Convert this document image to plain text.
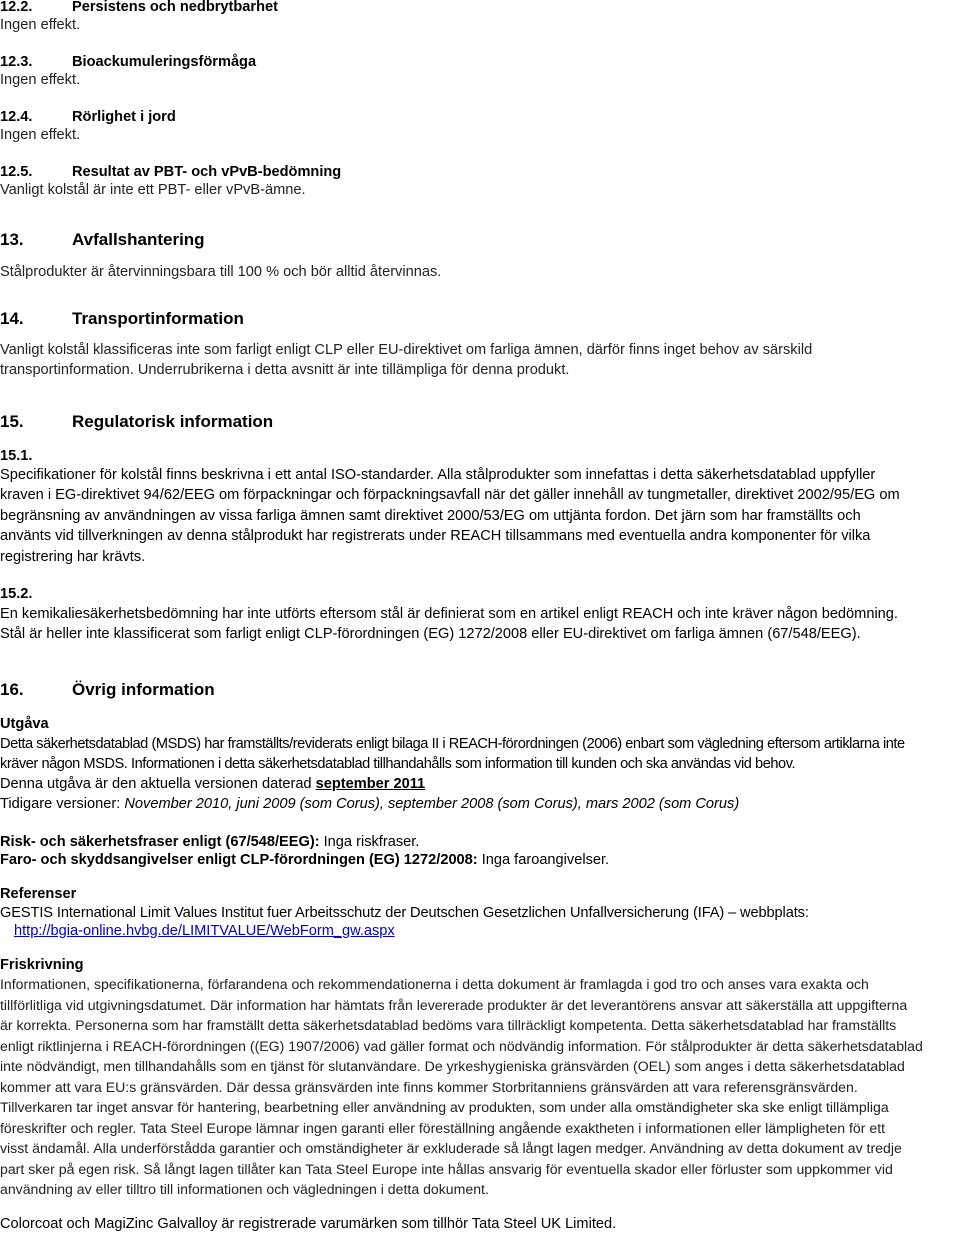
12.2.	Persistens och nedbrytbarhet
Ingen effekt.
12.3.	Bioackumuleringsförmåga
Ingen effekt.
12.4.	Rörlighet i jord
Ingen effekt.
12.5.	Resultat av PBT- och vPvB-bedömning
Vanligt kolstål är inte ett PBT- eller vPvB-ämne.
13.	Avfallshantering
Stålprodukter är återvinningsbara till 100 % och bör alltid återvinnas.
14.	Transportinformation
Vanligt kolstål klassificeras inte som farligt enligt CLP eller EU-direktivet om farliga ämnen, därför finns inget behov av särskild
transportinformation. Underrubrikerna i detta avsnitt är inte tillämpliga för denna produkt.
15.	Regulatorisk information
15.1.
Specifikationer för kolstål finns beskrivna i ett antal ISO-standarder. Alla stålprodukter som innefattas i detta säkerhetsdatablad uppfyller
kraven i EG-direktivet 94/62/EEG om förpackningar och förpackningsavfall när det gäller innehåll av tungmetaller, direktivet 2002/95/EG om
begränsning av användningen av vissa farliga ämnen samt direktivet 2000/53/EG om uttjänta fordon. Det järn som har framställts och
använts vid tillverkningen av denna stålprodukt har registrerats under REACH tillsammans med eventuella andra komponenter för vilka
registrering har krävts.
15.2.
En kemikaliesäkerhetsbedömning har inte utförts eftersom stål är definierat som en artikel enligt REACH och inte kräver någon bedömning.
Stål är heller inte klassificerat som farligt enligt CLP-förordningen (EG) 1272/2008 eller EU-direktivet om farliga ämnen (67/548/EEG).
16.	Övrig information
Utgåva
Detta säkerhetsdatablad (MSDS) har framställts/reviderats enligt bilaga II i REACH-förordningen (2006) enbart som vägledning eftersom artiklarna inte
kräver någon MSDS. Informationen i detta säkerhetsdatablad tillhandahålls som information till kunden och ska användas vid behov.
Denna utgåva är den aktuella versionen daterad september 2011
Tidigare versioner: November 2010, juni 2009 (som Corus), september 2008 (som Corus), mars 2002 (som Corus)
Risk- och säkerhetsfraser enligt (67/548/EEG): Inga riskfraser.
Faro- och skyddsangivelser enligt CLP-förordningen (EG) 1272/2008: Inga faroangivelser.
Referenser
GESTIS International Limit Values Institut fuer Arbeitsschutz der Deutschen Gesetzlichen Unfallversicherung (IFA) – webbplats:
http://bgia-online.hvbg.de/LIMITVALUE/WebForm_gw.aspx
Friskrivning
Informationen, specifikationerna, förfarandena och rekommendationerna i detta dokument är framlagda i god tro och anses vara exakta och
tillförlitliga vid utgivningsdatumet. Där information har hämtats från levererade produkter är det leverantörens ansvar att säkerställa att uppgifterna
är korrekta. Personerna som har framställt detta säkerhetsdatablad bedöms vara tillräckligt kompetenta. Detta säkerhetsdatablad har framställts
enligt riktlinjerna i REACH-förordningen ((EG) 1907/2006) vad gäller format och nödvändig information. För stålprodukter är detta säkerhetsdatablad
inte nödvändigt, men tillhandahålls som en tjänst för slutanvändare. De yrkeshygieniska gränsvärden (OEL) som anges i detta säkerhetsdatablad
kommer att vara EU:s gränsvärden. Där dessa gränsvärden inte finns kommer Storbritanniens gränsvärden att vara referensgränsvärden.
Tillverkaren tar inget ansvar för hantering, bearbetning eller användning av produkten, som under alla omständigheter ska ske enligt tillämpliga
föreskrifter och regler. Tata Steel Europe lämnar ingen garanti eller föreställning angående exaktheten i informationen eller lämpligheten för ett
visst ändamål. Alla underförstådda garantier och omständigheter är exkluderade så långt lagen medger. Användning av detta dokument av tredje
part sker på egen risk. Så långt lagen tillåter kan Tata Steel Europe inte hållas ansvarig för eventuella skador eller förluster som uppkommer vid
användning av eller tilltro till informationen och vägledningen i detta dokument.
Colorcoat och MagiZinc Galvalloy är registrerade varumärken som tillhör Tata Steel UK Limited.
